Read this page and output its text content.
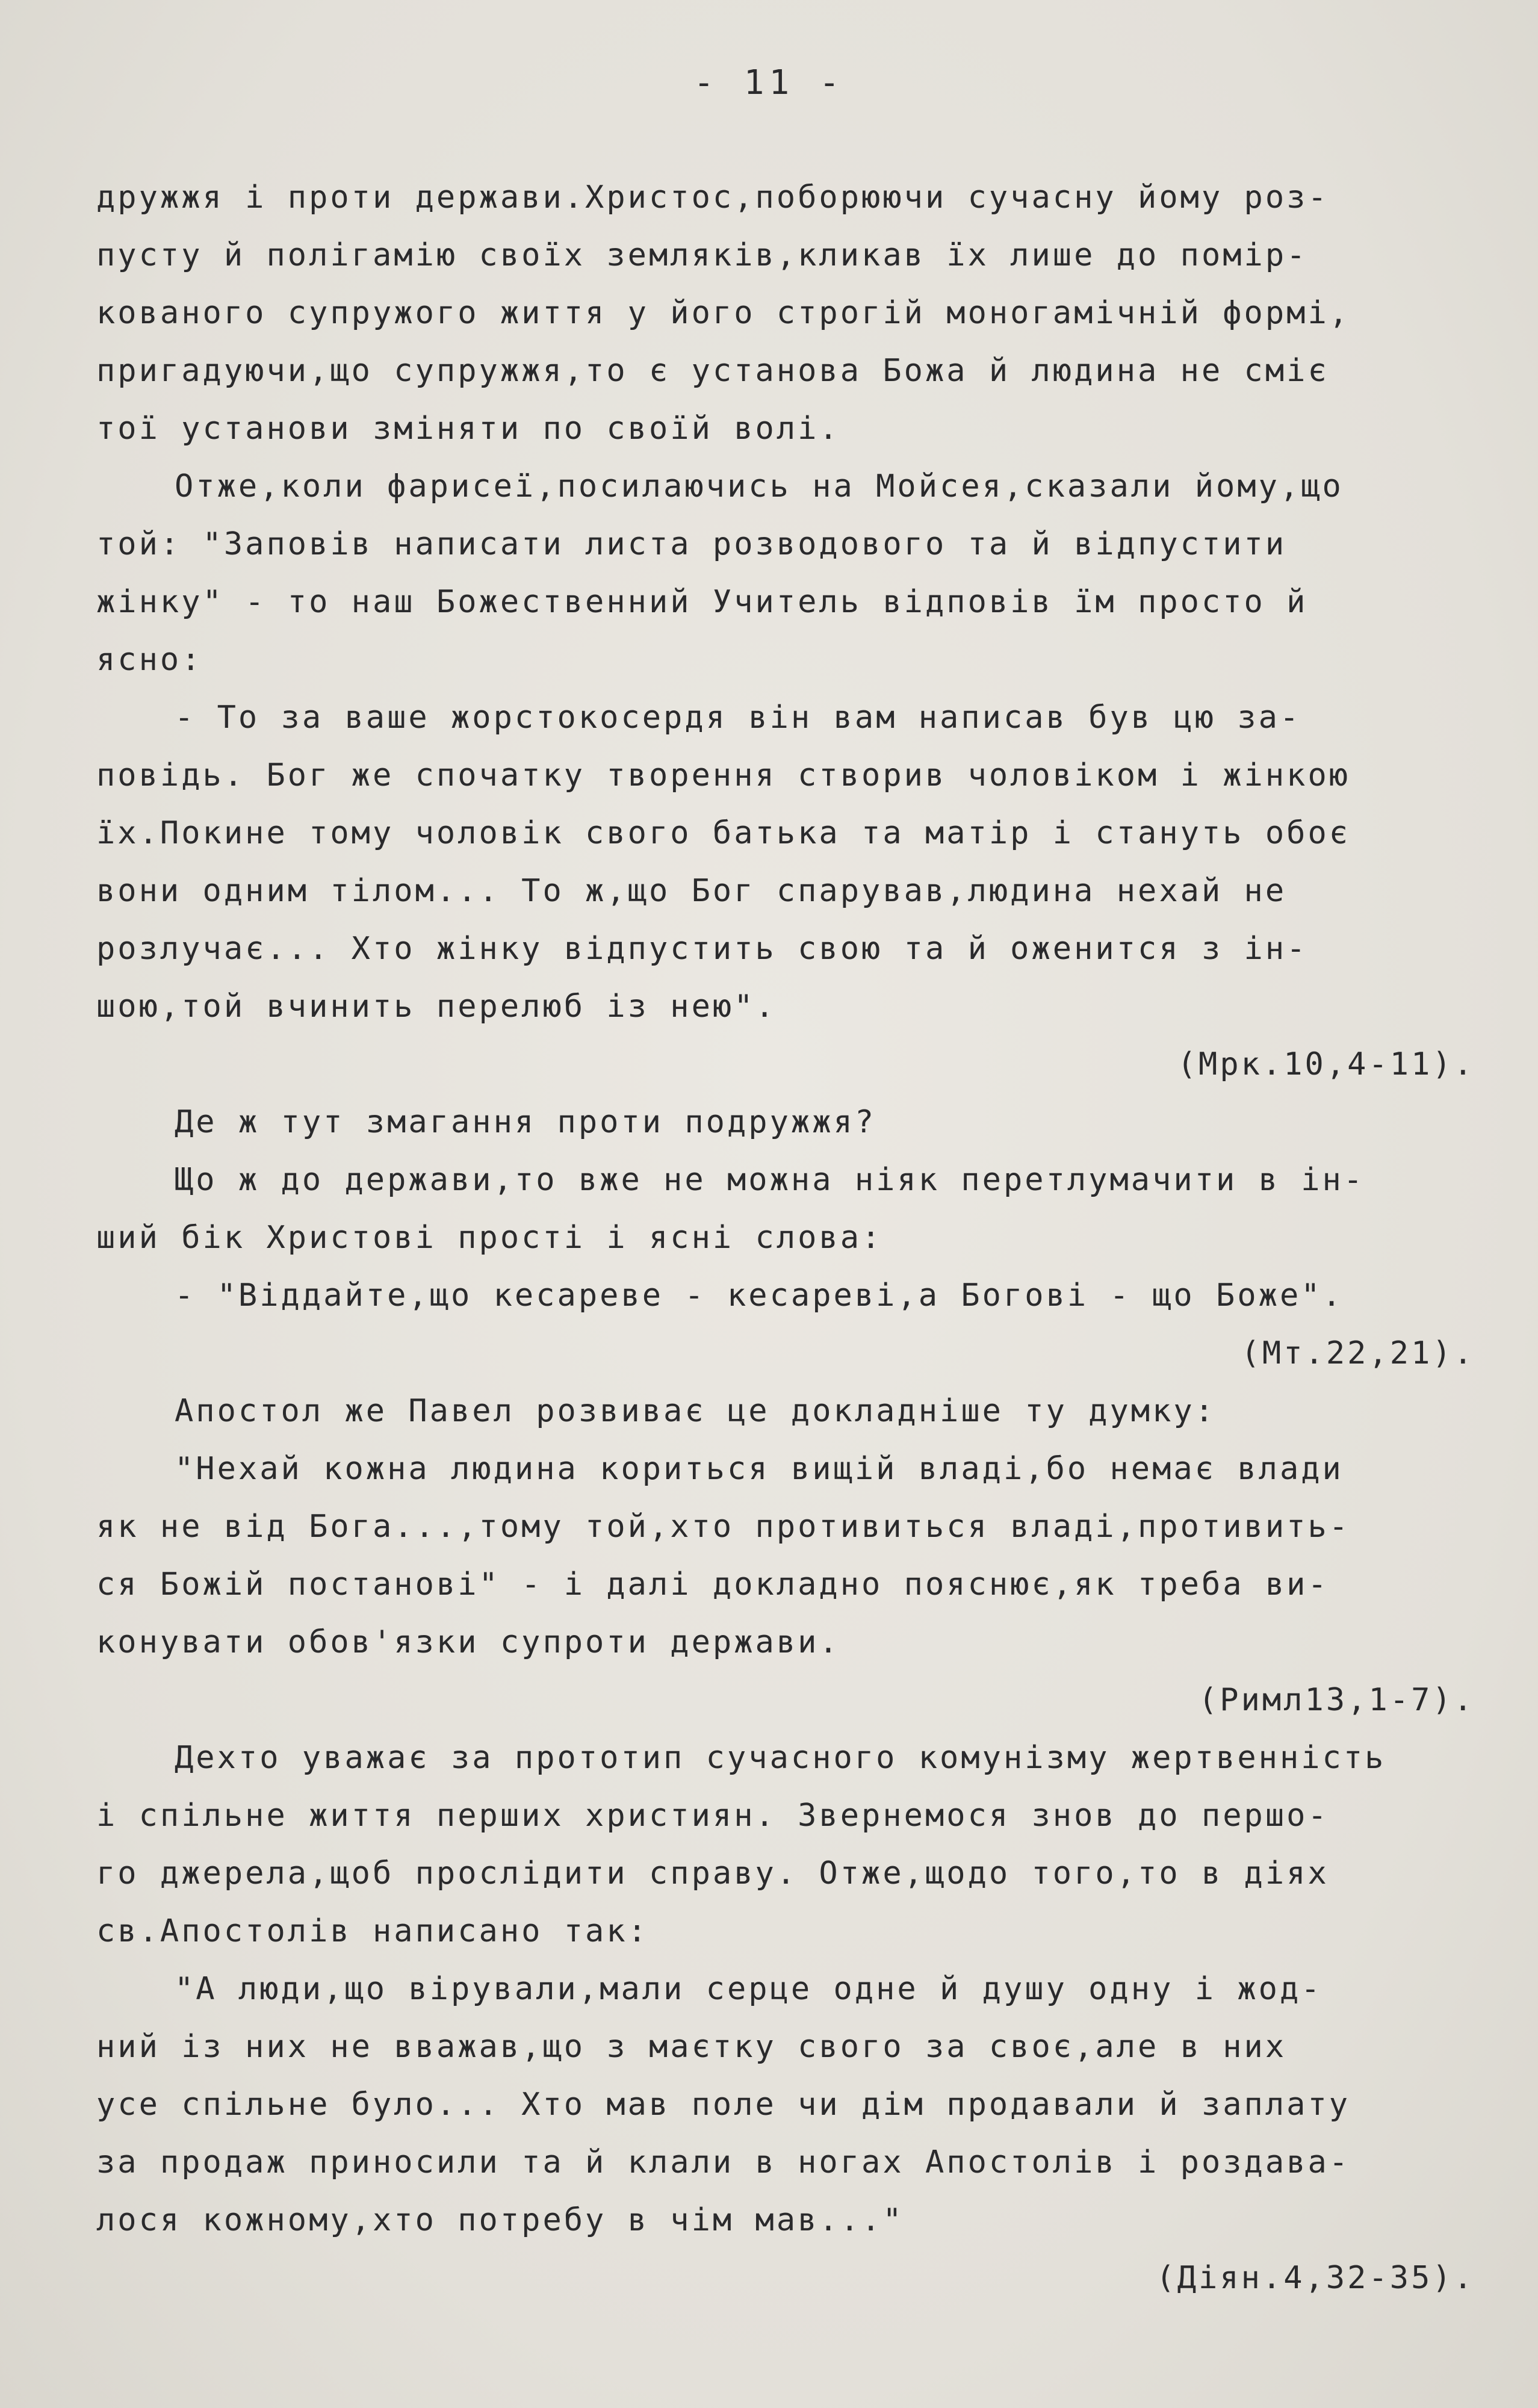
- 11 -
дружжя і проти держави.Христос,поборюючи сучасну йому роз-
пусту й полігамію своїх земляків,кликав їх лише до помір-
кованого супружого життя у його строгій моногамічній формі,
пригадуючи,що супружжя,то є установа Божа й людина не сміє
тої установи зміняти по своїй волі.
Отже,коли фарисеї,посилаючись на Мойсея,сказали йому,що
той: "Заповів написати листа розводового та й відпустити
жінку" - то наш Божественний Учитель відповів їм просто й
ясно:
- То за ваше жорстокосердя він вам написав був цю за-
повідь. Бог же спочатку творення створив чоловіком і жінкою
їх.Покине тому чоловік свого батька та матір і стануть обоє
вони одним тілом... То ж,що Бог спарував,людина нехай не
розлучає... Хто жінку відпустить свою та й оженится з ін-
шою,той вчинить перелюб із нею".
(Мрк.10,4-11).
Де ж тут змагання проти подружжя?
Що ж до держави,то вже не можна ніяк перетлумачити в ін-
ший бік Христові прості і ясні слова:
- "Віддайте,що кесареве - кесареві,а Богові - що Боже".
(Мт.22,21).
Апостол же Павел розвиває це докладніше ту думку:
"Нехай кожна людина кориться вищій владі,бо немає влади
як не від Бога...,тому той,хто противиться владі,противить-
ся Божій постанові" - і далі докладно пояснює,як треба ви-
конувати обов'язки супроти держави.
(Римл13,1-7).
Дехто уважає за прототип сучасного комунізму жертвенність
і спільне життя перших християн. Звернемося знов до першо-
го джерела,щоб прослідити справу. Отже,щодо того,то в діях
св.Апостолів написано так:
"А люди,що вірували,мали серце одне й душу одну і жод-
ний із них не вважав,що з маєтку свого за своє,але в них
усе спільне було... Хто мав поле чи дім продавали й заплату
за продаж приносили та й клали в ногах Апостолів і роздава-
лося кожному,хто потребу в чім мав..."
(Діян.4,32-35).
